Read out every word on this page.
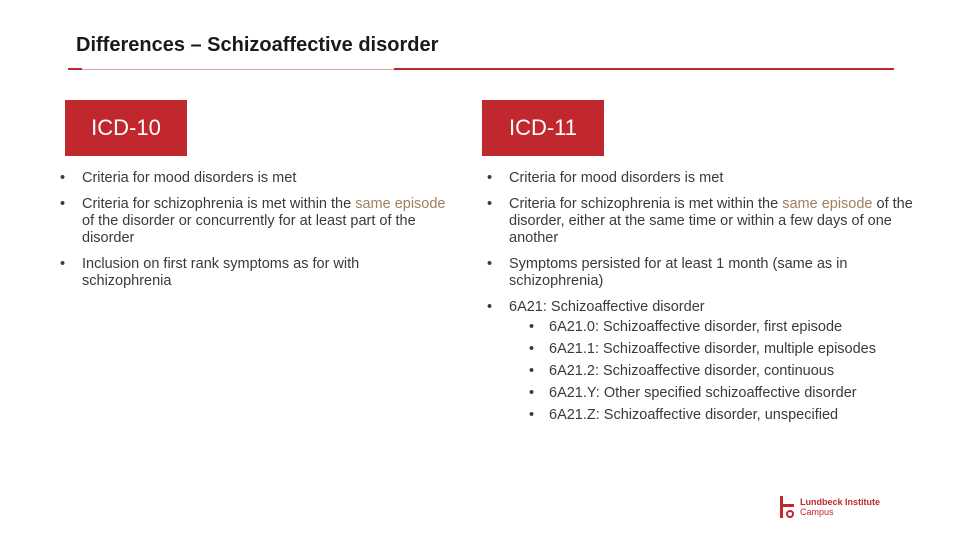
Differences – Schizoaffective disorder
ICD-10	ICD-11
• Criteria for mood disorders is met
• Criteria for schizophrenia is met within the same episode of the disorder or concurrently for at least part of the disorder
• Inclusion on first rank symptoms as for with schizophrenia
• Criteria for mood disorders is met
• Criteria for schizophrenia is met within the same episode of the disorder, either at the same time or within a few days of one another
• Symptoms persisted for at least 1 month (same as in schizophrenia)
• 6A21: Schizoaffective disorder
• 6A21.0: Schizoaffective disorder, first episode
• 6A21.1: Schizoaffective disorder, multiple episodes
• 6A21.2: Schizoaffective disorder, continuous
• 6A21.Y: Other specified schizoaffective disorder
• 6A21.Z: Schizoaffective disorder, unspecified
Lundbeck Institute
Campus
